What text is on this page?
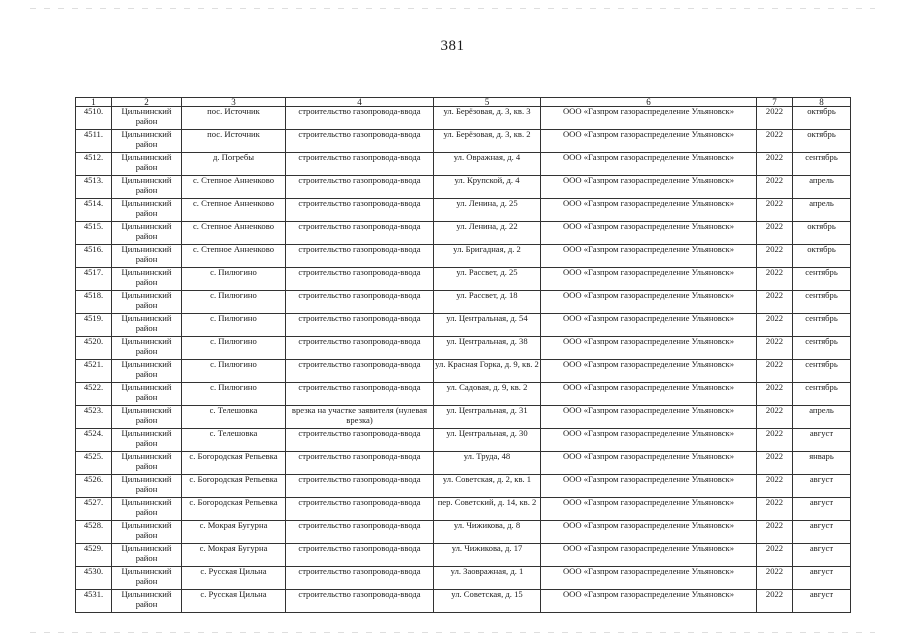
381
1	2	3	4	5	6	7	8
4510.	Цильнинский район	пос. Источник	строительство газопровода-ввода	ул. Берёзовая, д. 3, кв. 3	ООО «Газпром газораспределение Ульяновск»	2022	октябрь
4511.	Цильнинский район	пос. Источник	строительство газопровода-ввода	ул. Берёзовая, д. 3, кв. 2	ООО «Газпром газораспределение Ульяновск»	2022	октябрь
4512.	Цильнинский район	д. Погребы	строительство газопровода-ввода	ул. Овражная, д. 4	ООО «Газпром газораспределение Ульяновск»	2022	сентябрь
4513.	Цильнинский район	с. Степное Анненково	строительство газопровода-ввода	ул. Крупской, д. 4	ООО «Газпром газораспределение Ульяновск»	2022	апрель
4514.	Цильнинский район	с. Степное Анненково	строительство газопровода-ввода	ул. Ленина, д. 25	ООО «Газпром газораспределение Ульяновск»	2022	апрель
4515.	Цильнинский район	с. Степное Анненково	строительство газопровода-ввода	ул. Ленина, д. 22	ООО «Газпром газораспределение Ульяновск»	2022	октябрь
4516.	Цильнинский район	с. Степное Анненково	строительство газопровода-ввода	ул. Бригадная, д. 2	ООО «Газпром газораспределение Ульяновск»	2022	октябрь
4517.	Цильнинский район	с. Пилюгино	строительство газопровода-ввода	ул. Рассвет, д. 25	ООО «Газпром газораспределение Ульяновск»	2022	сентябрь
4518.	Цильнинский район	с. Пилюгино	строительство газопровода-ввода	ул. Рассвет, д. 18	ООО «Газпром газораспределение Ульяновск»	2022	сентябрь
4519.	Цильнинский район	с. Пилюгино	строительство газопровода-ввода	ул. Центральная, д. 54	ООО «Газпром газораспределение Ульяновск»	2022	сентябрь
4520.	Цильнинский район	с. Пилюгино	строительство газопровода-ввода	ул. Центральная, д. 38	ООО «Газпром газораспределение Ульяновск»	2022	сентябрь
4521.	Цильнинский район	с. Пилюгино	строительство газопровода-ввода	ул. Красная Горка, д. 9, кв. 2	ООО «Газпром газораспределение Ульяновск»	2022	сентябрь
4522.	Цильнинский район	с. Пилюгино	строительство газопровода-ввода	ул. Садовая, д. 9, кв. 2	ООО «Газпром газораспределение Ульяновск»	2022	сентябрь
4523.	Цильнинский район	с. Телешовка	врезка на участке заявителя (нулевая врезка)	ул. Центральная, д. 31	ООО «Газпром газораспределение Ульяновск»	2022	апрель
4524.	Цильнинский район	с. Телешовка	строительство газопровода-ввода	ул. Центральная, д. 30	ООО «Газпром газораспределение Ульяновск»	2022	август
4525.	Цильнинский район	с. Богородская Репьевка	строительство газопровода-ввода	ул. Труда, 48	ООО «Газпром газораспределение Ульяновск»	2022	январь
4526.	Цильнинский район	с. Богородская Репьевка	строительство газопровода-ввода	ул. Советская, д. 2, кв. 1	ООО «Газпром газораспределение Ульяновск»	2022	август
4527.	Цильнинский район	с. Богородская Репьевка	строительство газопровода-ввода	пер. Советский, д. 14, кв. 2	ООО «Газпром газораспределение Ульяновск»	2022	август
4528.	Цильнинский район	с. Мокрая Бугурна	строительство газопровода-ввода	ул. Чижикова, д. 8	ООО «Газпром газораспределение Ульяновск»	2022	август
4529.	Цильнинский район	с. Мокрая Бугурна	строительство газопровода-ввода	ул. Чижикова, д. 17	ООО «Газпром газораспределение Ульяновск»	2022	август
4530.	Цильнинский район	с. Русская Цильна	строительство газопровода-ввода	ул. Заовражная, д. 1	ООО «Газпром газораспределение Ульяновск»	2022	август
4531.	Цильнинский район	с. Русская Цильна	строительство газопровода-ввода	ул. Советская, д. 15	ООО «Газпром газораспределение Ульяновск»	2022	август
